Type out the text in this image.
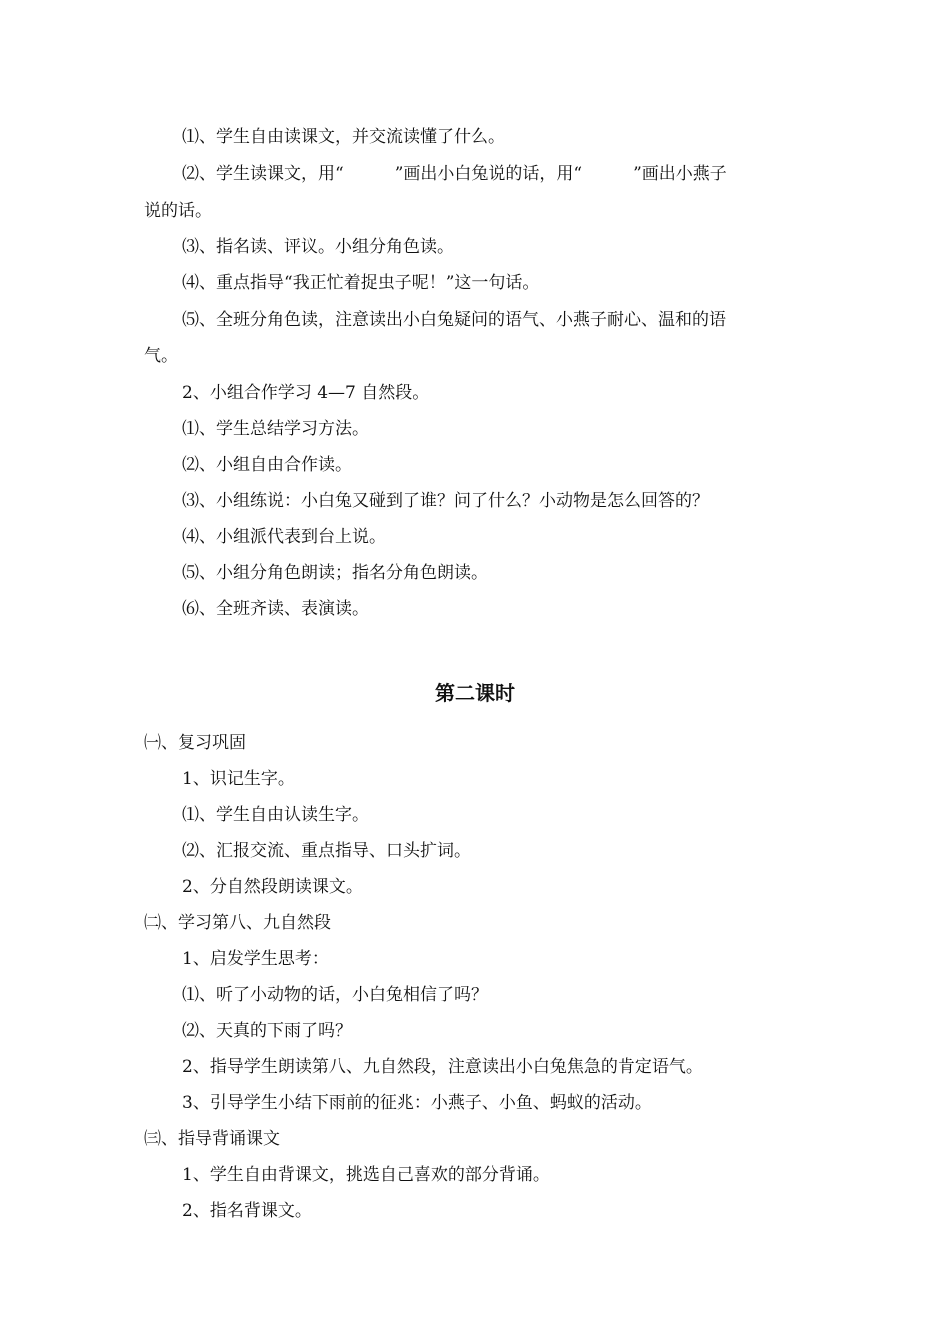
⑴、学生自由读课文，并交流读懂了什么。
⑵、学生读课文，用“　　　”画出小白兔说的话，用“　　　”画出小燕子
说的话。
⑶、指名读、评议。小组分角色读。
⑷、重点指导“我正忙着捉虫子呢！”这一句话。
⑸、全班分角色读，注意读出小白兔疑问的语气、小燕子耐心、温和的语
气。
2、小组合作学习 4—7 自然段。
⑴、学生总结学习方法。
⑵、小组自由合作读。
⑶、小组练说：小白兔又碰到了谁？问了什么？小动物是怎么回答的？
⑷、小组派代表到台上说。
⑸、小组分角色朗读；指名分角色朗读。
⑹、全班齐读、表演读。
第二课时
㈠、复习巩固
1、识记生字。
⑴、学生自由认读生字。
⑵、汇报交流、重点指导、口头扩词。
2、分自然段朗读课文。
㈡、学习第八、九自然段
1、启发学生思考：
⑴、听了小动物的话，小白兔相信了吗？
⑵、天真的下雨了吗？
2、指导学生朗读第八、九自然段，注意读出小白兔焦急的肯定语气。
3、引导学生小结下雨前的征兆：小燕子、小鱼、蚂蚁的活动。
㈢、指导背诵课文
1、学生自由背课文，挑选自己喜欢的部分背诵。
2、指名背课文。
